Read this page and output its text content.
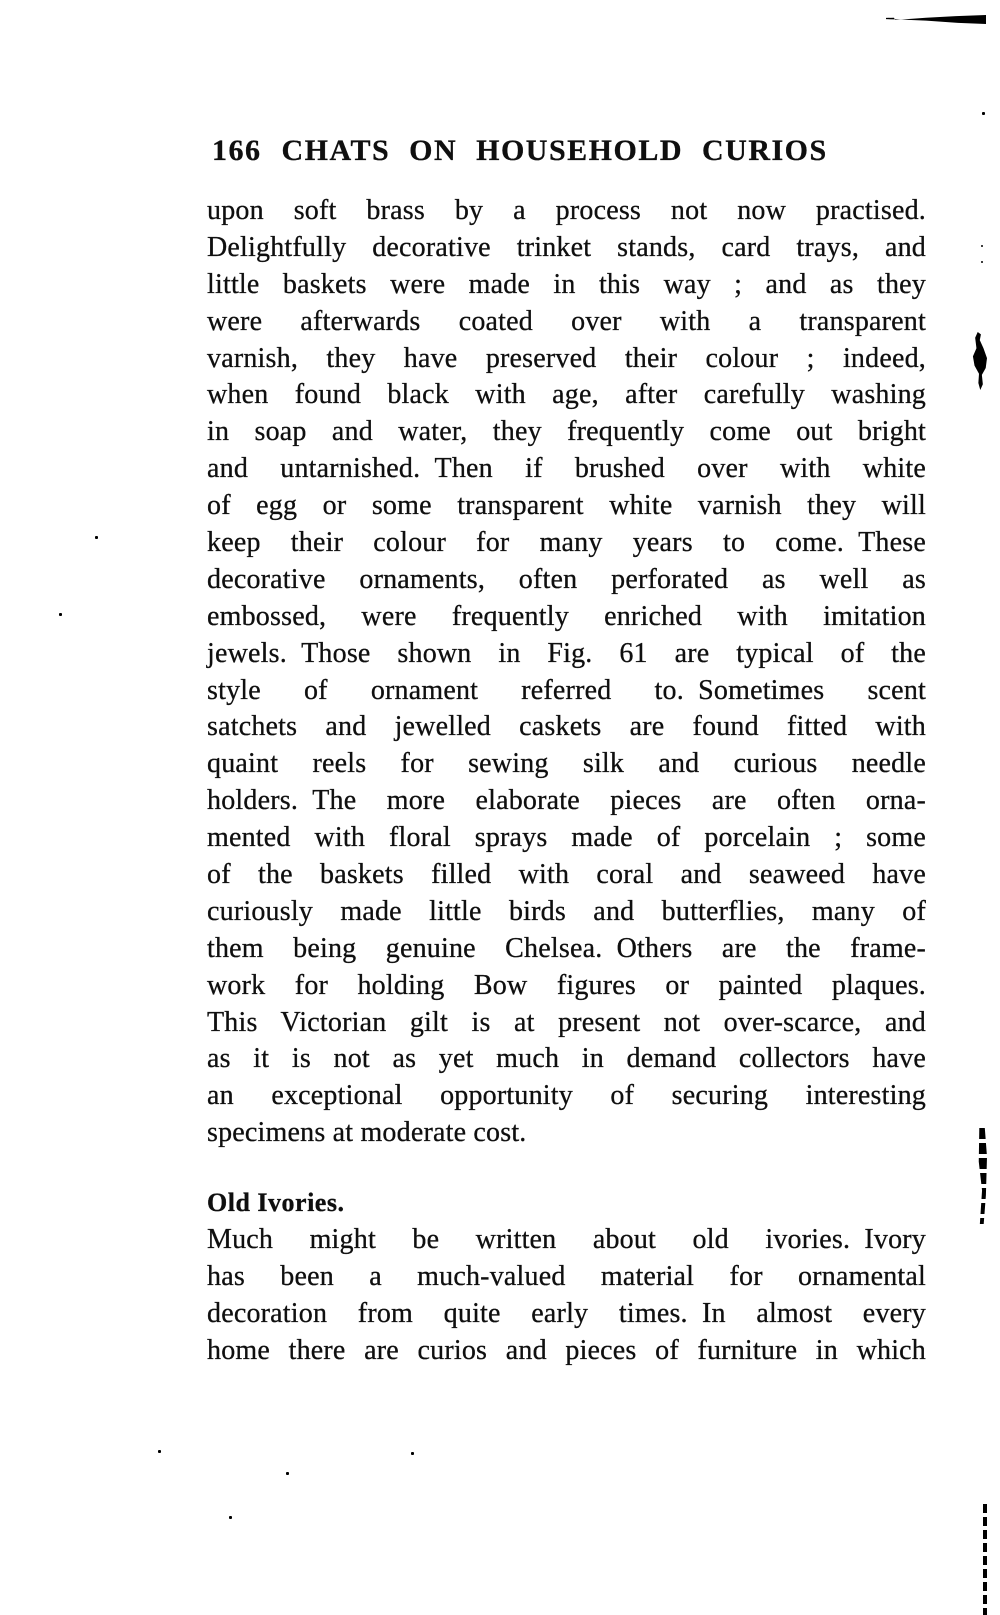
166 CHATS ON HOUSEHOLD CURIOS
upon soft brass by a process not now practised.
Delightfully decorative trinket stands, card trays, and
little baskets were made in this way ; and as they
were afterwards coated over with a transparent
varnish, they have preserved their colour ; indeed,
when found black with age, after carefully washing
in soap and water, they frequently come out bright
and untarnished. Then if brushed over with white
of egg or some transparent white varnish they will
keep their colour for many years to come. These
decorative ornaments, often perforated as well as
embossed, were frequently enriched with imitation
jewels. Those shown in Fig. 61 are typical of the
style of ornament referred to. Sometimes scent
satchets and jewelled caskets are found fitted with
quaint reels for sewing silk and curious needle
holders. The more elaborate pieces are often orna-
mented with floral sprays made of porcelain ; some
of the baskets filled with coral and seaweed have
curiously made little birds and butterflies, many of
them being genuine Chelsea. Others are the frame-
work for holding Bow figures or painted plaques.
This Victorian gilt is at present not over-scarce, and
as it is not as yet much in demand collectors have
an exceptional opportunity of securing interesting
specimens at moderate cost.
Old Ivories.
Much might be written about old ivories. Ivory
has been a much-valued material for ornamental
decoration from quite early times. In almost every
home there are curios and pieces of furniture in which
